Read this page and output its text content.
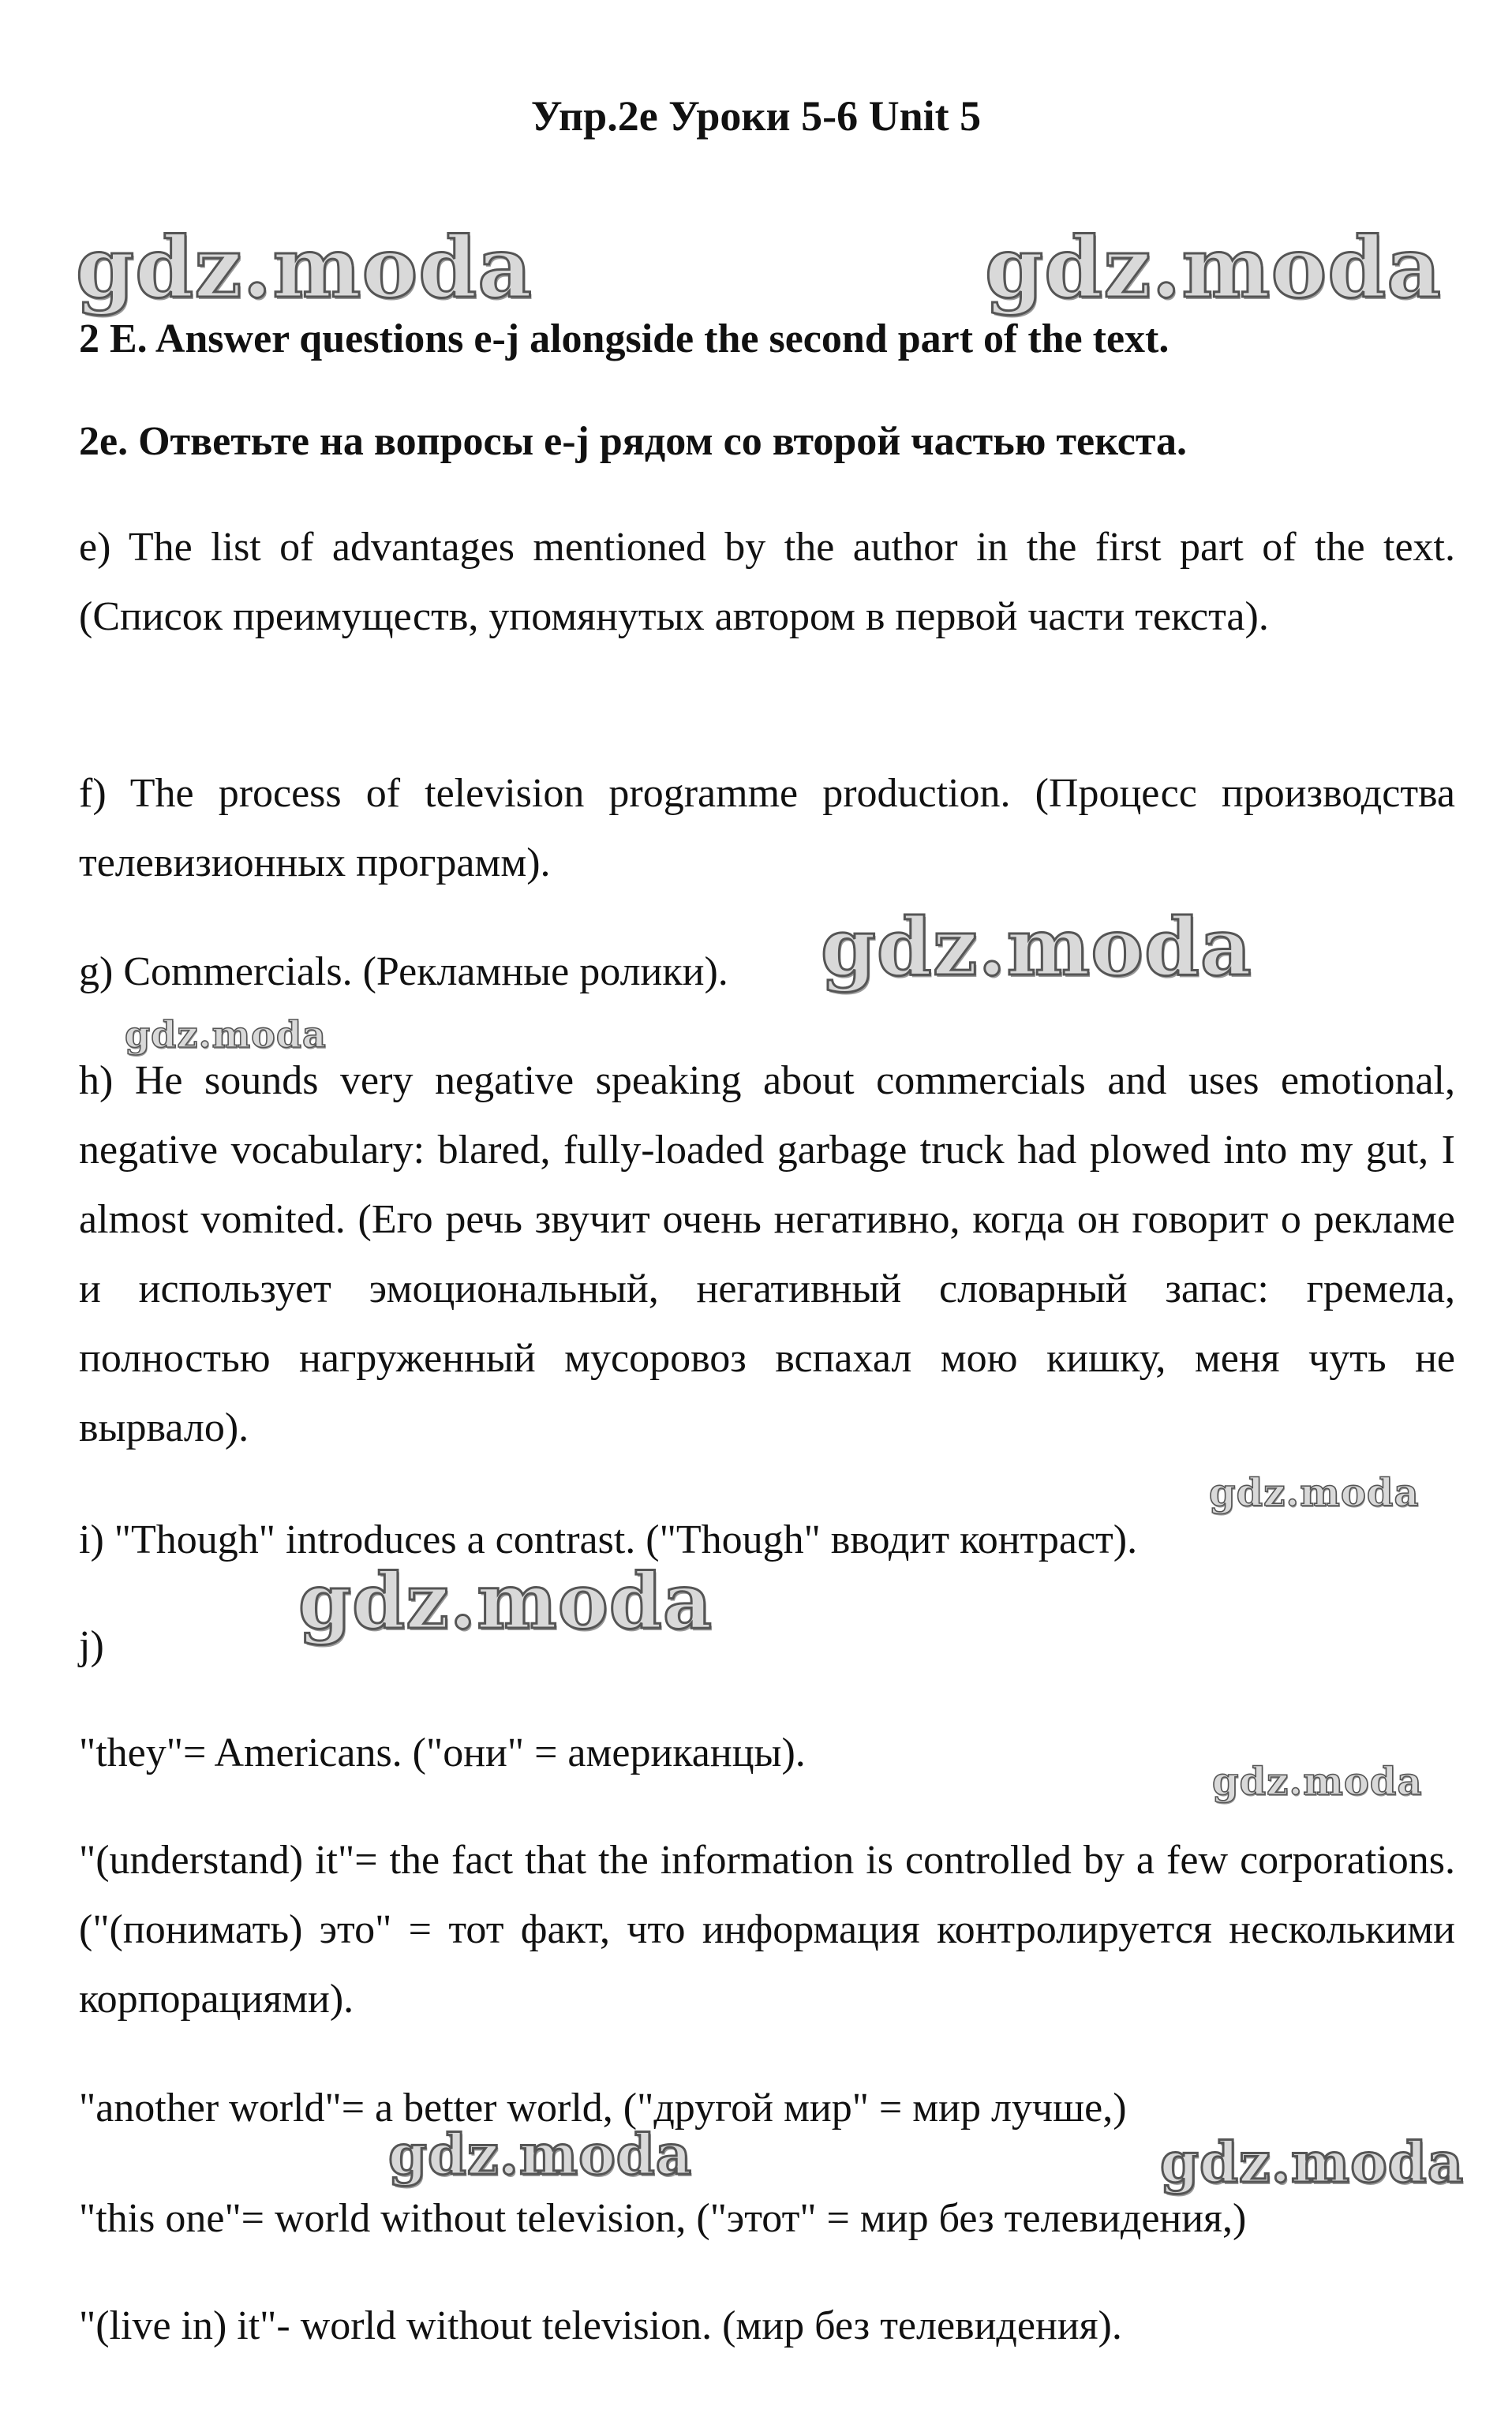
Упр.2е Уроки 5-6 Unit 5
gdz.moda	gdz.moda

2 E. Answer questions e-j alongside the second part of the text.

2e. Ответьте на вопросы e-j рядом со второй частью текста.

e) The list of advantages mentioned by the author in the first part of the text. (Список преимуществ, упомянутых автором в первой части текста).

f) The process of television programme production. (Процесс производства телевизионных программ).

gdz.moda

g) Commercials. (Рекламные ролики).

gdz.moda

h) He sounds very negative speaking about commercials and uses emotional, negative vocabulary: blared, fully-loaded garbage truck had plowed into my gut, I almost vomited. (Его речь звучит очень негативно, когда он говорит о рекламе и использует эмоциональный, негативный словарный запас: гремела, полностью нагруженный мусоровоз вспахал мою кишку, меня чуть не вырвало).

gdz.moda

i) "Though" introduces a contrast. ("Though" вводит контраст).

gdz.moda

j)

"they"= Americans. ("они" = американцы).

gdz.moda

"(understand) it"= the fact that the information is controlled by a few corporations. ("(понимать) это" = тот факт, что информация контролируется несколькими корпорациями).

"another world"= a better world, ("другой мир" = мир лучше,)

gdz.moda	gdz.moda

"this one"= world without television, ("этот" = мир без телевидения,)

"(live in) it"- world without television. (мир без телевидения).
